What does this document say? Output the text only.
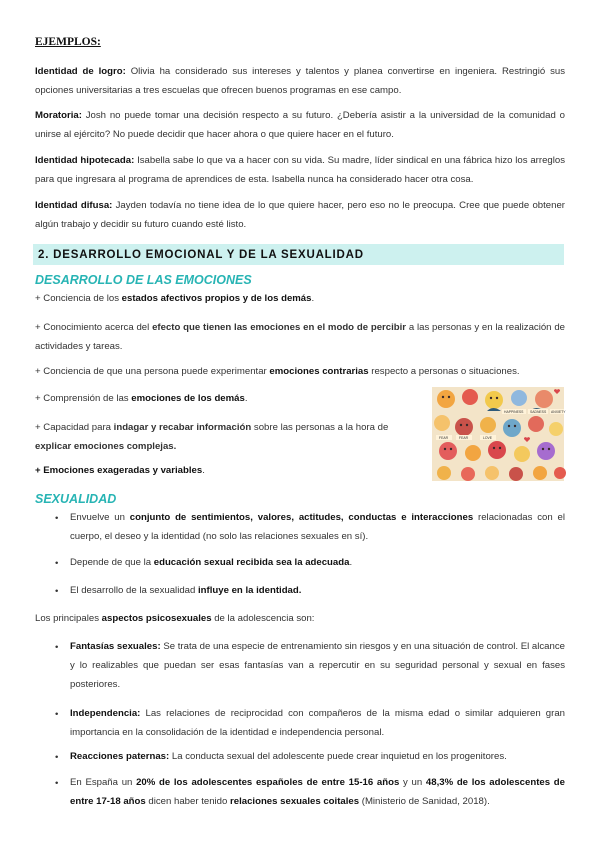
EJEMPLOS:
Identidad de logro: Olivia ha considerado sus intereses y talentos y planea convertirse en ingeniera. Restringió sus opciones universitarias a tres escuelas que ofrecen buenos programas en ese campo.
Moratoria: Josh no puede tomar una decisión respecto a su futuro. ¿Debería asistir a la universidad de la comunidad o unirse al ejército? No puede decidir que hacer ahora o que quiere hacer en el futuro.
Identidad hipotecada: Isabella sabe lo que va a hacer con su vida. Su madre, líder sindical en una fábrica hizo los arreglos para que ingresara al programa de aprendices de esta. Isabella nunca ha considerado hacer otra cosa.
Identidad difusa: Jayden todavía no tiene idea de lo que quiere hacer, pero eso no le preocupa. Cree que puede obtener algún trabajo y decidir su futuro cuando esté listo.
2. DESARROLLO EMOCIONAL Y DE LA SEXUALIDAD
DESARROLLO DE LAS EMOCIONES
+ Conciencia de los estados afectivos propios y de los demás.
+ Conocimiento acerca del efecto que tienen las emociones en el modo de percibir a las personas y en la realización de actividades y tareas.
+ Conciencia de que una persona puede experimentar emociones contrarias respecto a personas o situaciones.
+ Comprensión de las emociones de los demás.
+ Capacidad para indagar y recabar información sobre las personas a la hora de
explicar emociones complejas.
+ Emociones exageradas y variables.
HAPPINESS SADNESS ANXIETY
FEAR	FEAR	LOVE
SEXUALIDAD
• Envuelve un conjunto de sentimientos, valores, actitudes, conductas e interacciones relacionadas con el cuerpo, el deseo y la identidad (no solo las relaciones sexuales en sí).
• Depende de que la educación sexual recibida sea la adecuada.
• El desarrollo de la sexualidad influye en la identidad.
Los principales aspectos psicosexuales de la adolescencia son:
• Fantasías sexuales: Se trata de una especie de entrenamiento sin riesgos y en una situación de control. El alcance y lo realizables que puedan ser esas fantasías van a repercutir en su seguridad personal y sexual en fases posteriores.
• Independencia: Las relaciones de reciprocidad con compañeros de la misma edad o similar adquieren gran importancia en la consolidación de la identidad e independencia personal.
• Reacciones paternas: La conducta sexual del adolescente puede crear inquietud en los progenitores.
• En España un 20% de los adolescentes españoles de entre 15-16 años y un 48,3% de los adolescentes de entre 17-18 años dicen haber tenido relaciones sexuales coitales (Ministerio de Sanidad, 2018).
